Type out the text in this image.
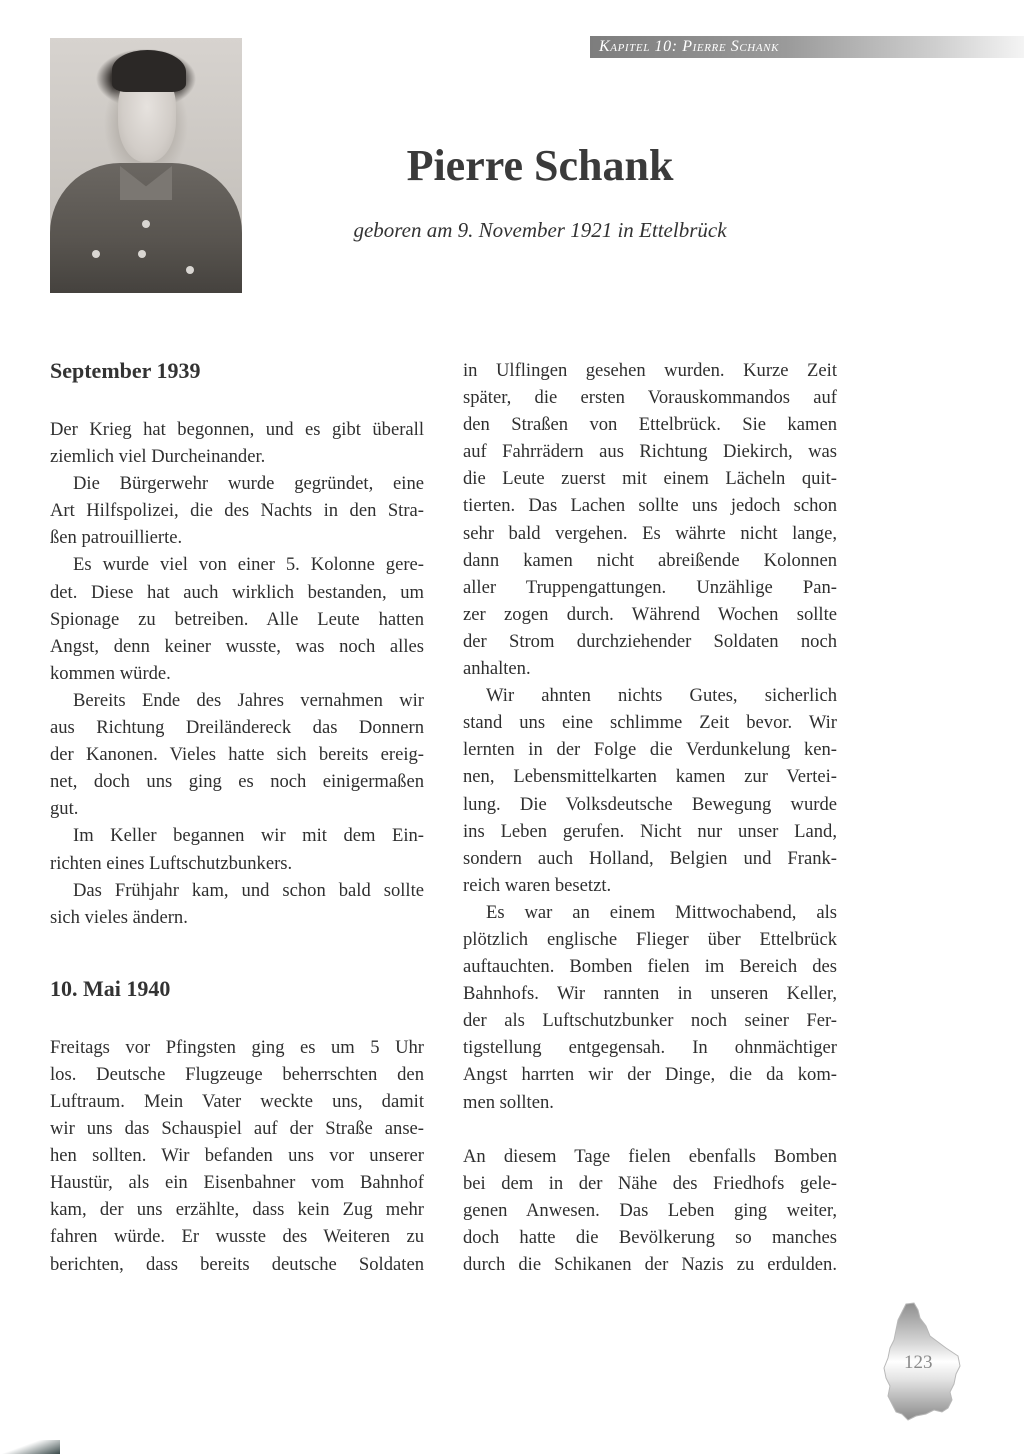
Kapitel 10: Pierre Schank
Pierre Schank
geboren am 9. November 1921 in Ettelbrück
September 1939

Der Krieg hat begonnen, und es gibt überall
ziemlich viel Durcheinander.

Die Bürgerwehr wurde gegründet, eine
Art Hilfspolizei, die des Nachts in den Stra-
ßen patrouillierte.

Es wurde viel von einer 5. Kolonne gere-
det. Diese hat auch wirklich bestanden, um
Spionage zu betreiben. Alle Leute hatten
Angst, denn keiner wusste, was noch alles
kommen würde.

Bereits Ende des Jahres vernahmen wir
aus Richtung Dreiländereck das Donnern
der Kanonen. Vieles hatte sich bereits ereig-
net, doch uns ging es noch einigermaßen
gut.

Im Keller begannen wir mit dem Ein-
richten eines Luftschutzbunkers.

Das Frühjahr kam, und schon bald sollte
sich vieles ändern.

10. Mai 1940

Freitags vor Pfingsten ging es um 5 Uhr
los. Deutsche Flugzeuge beherrschten den
Luftraum. Mein Vater weckte uns, damit
wir uns das Schauspiel auf der Straße anse-
hen sollten. Wir befanden uns vor unserer
Haustür, als ein Eisenbahner vom Bahnhof
kam, der uns erzählte, dass kein Zug mehr
fahren würde. Er wusste des Weiteren zu
berichten, dass bereits deutsche Soldaten

in Ulflingen gesehen wurden. Kurze Zeit
später, die ersten Vorauskommandos auf
den Straßen von Ettelbrück. Sie kamen
auf Fahrrädern aus Richtung Diekirch, was
die Leute zuerst mit einem Lächeln quit-
tierten. Das Lachen sollte uns jedoch schon
sehr bald vergehen. Es währte nicht lange,
dann kamen nicht abreißende Kolonnen
aller Truppengattungen. Unzählige Pan-
zer zogen durch. Während Wochen sollte
der Strom durchziehender Soldaten noch
anhalten.

Wir ahnten nichts Gutes, sicherlich
stand uns eine schlimme Zeit bevor. Wir
lernten in der Folge die Verdunkelung ken-
nen, Lebensmittelkarten kamen zur Vertei-
lung. Die Volksdeutsche Bewegung wurde
ins Leben gerufen. Nicht nur unser Land,
sondern auch Holland, Belgien und Frank-
reich waren besetzt.

Es war an einem Mittwochabend, als
plötzlich englische Flieger über Ettelbrück
auftauchten. Bomben fielen im Bereich des
Bahnhofs. Wir rannten in unseren Keller,
der als Luftschutzbunker noch seiner Fer-
tigstellung entgegensah. In ohnmächtiger
Angst harrten wir der Dinge, die da kom-
men sollten.

An diesem Tage fielen ebenfalls Bomben
bei dem in der Nähe des Friedhofs gele-
genen Anwesen. Das Leben ging weiter,
doch hatte die Bevölkerung so manches
durch die Schikanen der Nazis zu erdulden.

123
